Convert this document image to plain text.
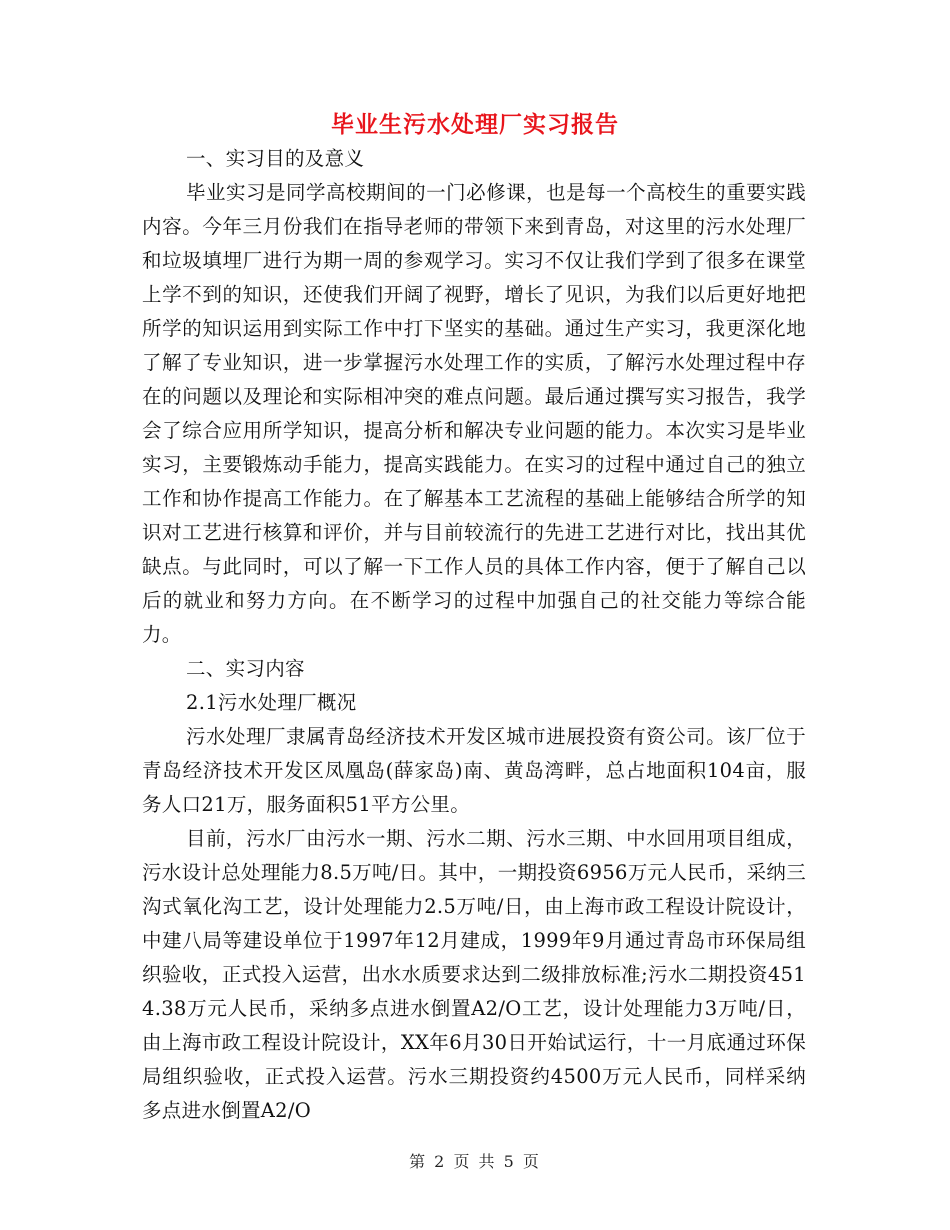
毕业生污水处理厂实习报告

一、实习目的及意义

毕业实习是同学高校期间的一门必修课，也是每一个高校生的重要实践内容。今年三月份我们在指导老师的带领下来到青岛，对这里的污水处理厂和垃圾填埋厂进行为期一周的参观学习。实习不仅让我们学到了很多在课堂上学不到的知识，还使我们开阔了视野，增长了见识，为我们以后更好地把所学的知识运用到实际工作中打下坚实的基础。通过生产实习，我更深化地了解了专业知识，进一步掌握污水处理工作的实质，了解污水处理过程中存在的问题以及理论和实际相冲突的难点问题。最后通过撰写实习报告，我学会了综合应用所学知识，提高分析和解决专业问题的能力。本次实习是毕业实习，主要锻炼动手能力，提高实践能力。在实习的过程中通过自己的独立工作和协作提高工作能力。在了解基本工艺流程的基础上能够结合所学的知识对工艺进行核算和评价，并与目前较流行的先进工艺进行对比，找出其优缺点。与此同时，可以了解一下工作人员的具体工作内容，便于了解自己以后的就业和努力方向。在不断学习的过程中加强自己的社交能力等综合能力。

二、实习内容

2.1污水处理厂概况

污水处理厂隶属青岛经济技术开发区城市进展投资有资公司。该厂位于青岛经济技术开发区凤凰岛(薛家岛)南、黄岛湾畔，总占地面积104亩，服务人口21万，服务面积51平方公里。

目前，污水厂由污水一期、污水二期、污水三期、中水回用项目组成，污水设计总处理能力8.5万吨/日。其中，一期投资6956万元人民币，采纳三沟式氧化沟工艺，设计处理能力2.5万吨/日，由上海市政工程设计院设计，中建八局等建设单位于1997年12月建成，1999年9月通过青岛市环保局组织验收，正式投入运营，出水水质要求达到二级排放标准;污水二期投资4514.38万元人民币，采纳多点进水倒置A2/O工艺，设计处理能力3万吨/日，由上海市政工程设计院设计，XX年6月30日开始试运行，十一月底通过环保局组织验收，正式投入运营。污水三期投资约4500万元人民币，同样采纳多点进水倒置A2/O

第 2 页 共 5 页
